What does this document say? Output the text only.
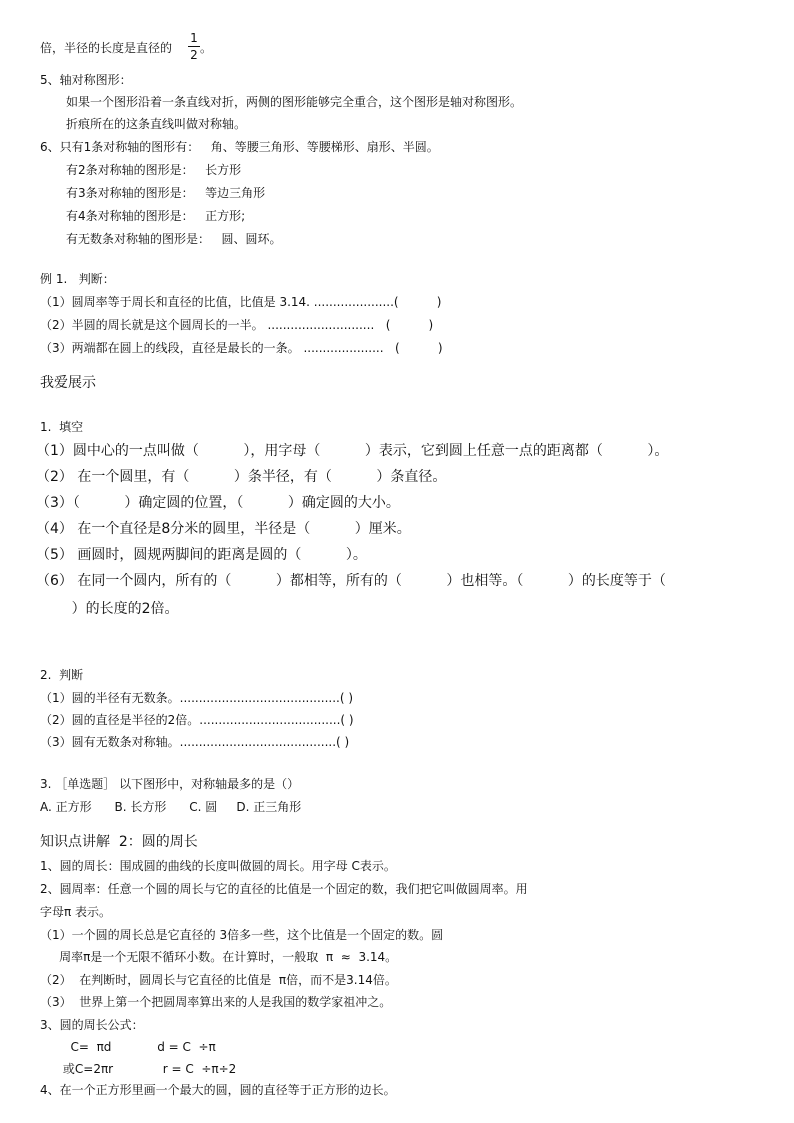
倍，半径的长度是直径的
1
2 。
5、轴对称图形：
如果一个图形沿着一条直线对折，两侧的图形能够完全重合，这个图形是轴对称图形。
折痕所在的这条直线叫做对称轴。
6、只有1条对称轴的图形有：   角、等腰三角形、等腰梯形、扇形、半圆。
有2条对称轴的图形是：   长方形
有3条对称轴的图形是：   等边三角形
有4条对称轴的图形是：   正方形;
有无数条对称轴的图形是：   圆、圆环。
例 1.   判断：
（1）圆周率等于周长和直径的比值，比值是 3.14. .....................(          )
（2）半圆的周长就是这个圆周长的一半。 ............................   (          )
（3）两端都在圆上的线段，直径是最长的一条。 .....................   (          )
我爱展示
1.  填空
（1）圆中心的一点叫做（          ），用字母（          ）表示，它到圆上任意一点的距离都（          ）。
（2） 在一个圆里，有（          ）条半径，有（          ）条直径。
（3）（          ）确定圆的位置，（          ）确定圆的大小。
（4） 在一个直径是8分米的圆里，半径是（          ）厘米。
（5） 画圆时，圆规两脚间的距离是圆的（          ）。
（6） 在同一个圆内，所有的（          ）都相等，所有的（          ）也相等。（          ）的长度等于（
）的长度的2倍。
2.  判断
（1）圆的半径有无数条。..........................................( )
（2）圆的直径是半径的2倍。.....................................( )
（3）圆有无数条对称轴。.........................................( )
3. ［单选题］ 以下图形中，对称轴最多的是（）
A. 正方形      B. 长方形      C. 圆     D. 正三角形
知识点讲解  2：圆的周长
1、圆的周长：围成圆的曲线的长度叫做圆的周长。用字母 C表示。
2、圆周率：任意一个圆的周长与它的直径的比值是一个固定的数，我们把它叫做圆周率。用
字母π 表示。
（1）一个圆的周长总是它直径的 3倍多一些，这个比值是一个固定的数。圆
周率π是一个无限不循环小数。在计算时，一般取  π  ≈  3.14。
（2）  在判断时，圆周长与它直径的比值是  π倍，而不是3.14倍。
（3）  世界上第一个把圆周率算出来的人是我国的数学家祖冲之。
3、圆的周长公式：
C=  πd            d = C  ÷π
或C=2πr             r = C  ÷π÷2
4、在一个正方形里画一个最大的圆，圆的直径等于正方形的边长。
